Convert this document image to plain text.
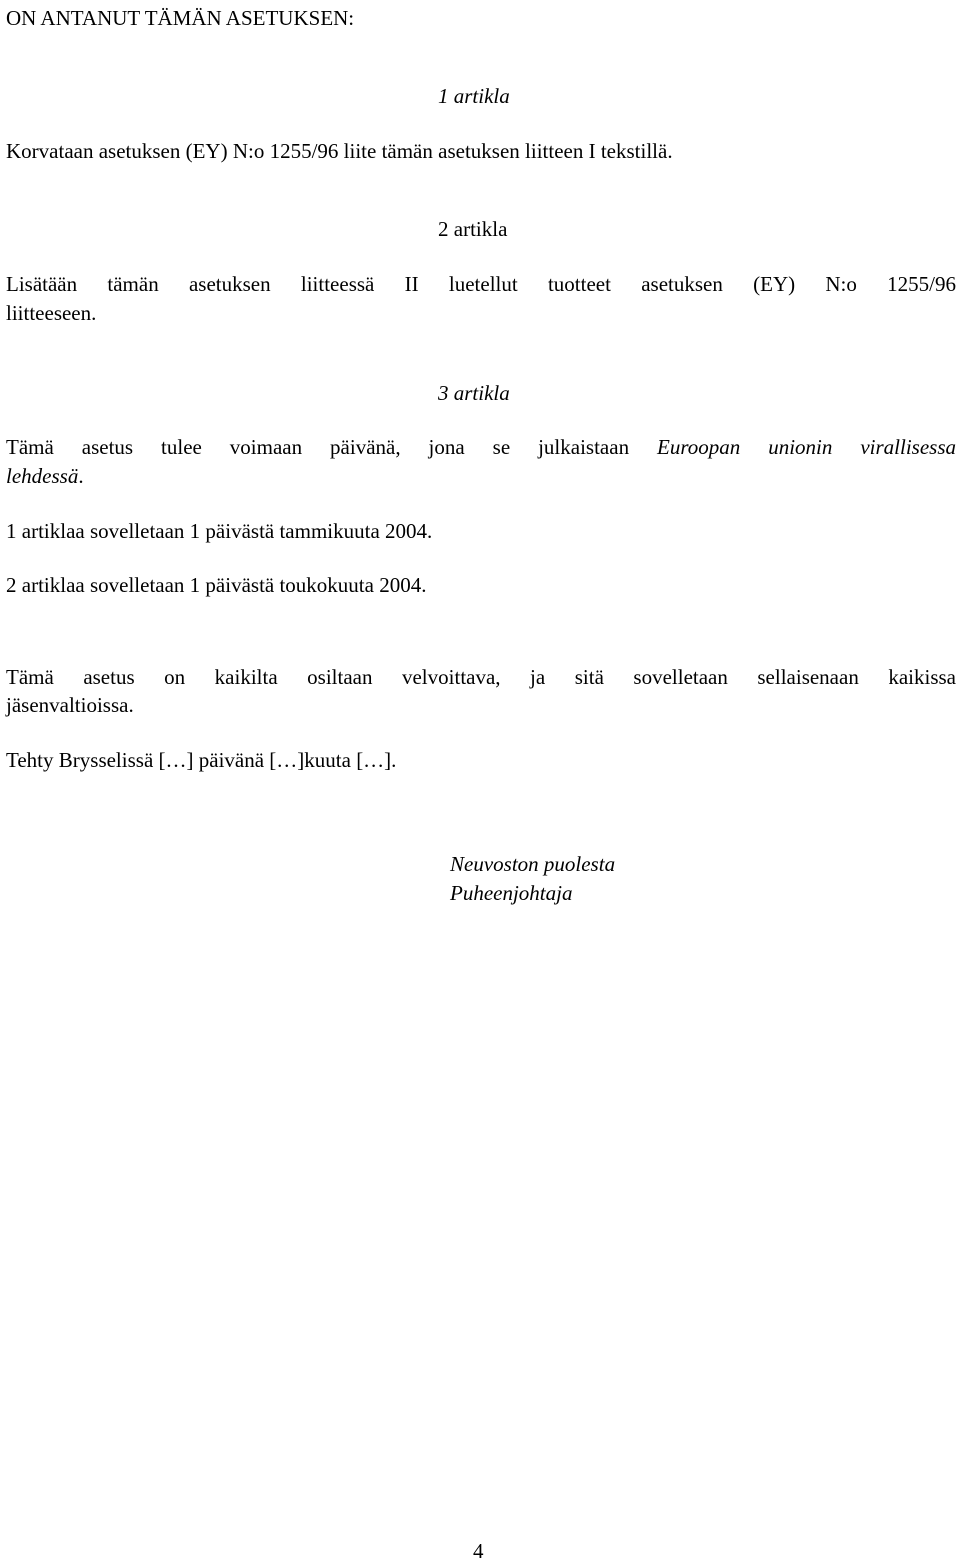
ON ANTANUT TÄMÄN ASETUKSEN:
1 artikla
Korvataan asetuksen (EY) N:o 1255/96 liite tämän asetuksen liitteen I tekstillä.
2 artikla
Lisätään tämän asetuksen liitteessä II luetellut tuotteet asetuksen (EY) N:o 1255/96
liitteeseen.
3 artikla
Tämä asetus tulee voimaan päivänä, jona se julkaistaan Euroopan unionin virallisessa
lehdessä.
1 artiklaa sovelletaan 1 päivästä tammikuuta 2004.
2 artiklaa sovelletaan 1 päivästä toukokuuta 2004.
Tämä asetus on kaikilta osiltaan velvoittava, ja sitä sovelletaan sellaisenaan kaikissa
jäsenvaltioissa.
Tehty Brysselissä […] päivänä […]kuuta […].
Neuvoston puolesta
Puheenjohtaja
4
